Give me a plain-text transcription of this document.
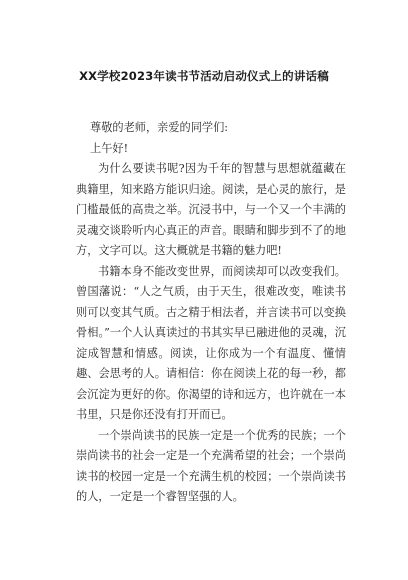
XX学校2023年读书节活动启动仪式上的讲话稿

尊敬的老师，亲爱的同学们:

上午好!

为什么要读书呢?因为千年的智慧与思想就蕴藏在典籍里，知来路方能识归途。阅读，是心灵的旅行，是门槛最低的高贵之举。沉浸书中，与一个又一个丰满的灵魂交谈聆听内心真正的声音。眼睛和脚步到不了的地方，文字可以。这大概就是书籍的魅力吧!

书籍本身不能改变世界，而阅读却可以改变我们。曾国藩说：“人之气质，由于天生，很难改变，唯读书则可以变其气质。古之精于相法者，并言读书可以变换骨相。”一个人认真读过的书其实早已融进他的灵魂，沉淀成智慧和情感。阅读，让你成为一个有温度、懂情趣、会思考的人。请相信：你在阅读上花的每一秒，都会沉淀为更好的你。你渴望的诗和远方，也许就在一本书里，只是你还没有打开而已。

一个崇尚读书的民族一定是一个优秀的民族；一个崇尚读书的社会一定是一个充满希望的社会；一个崇尚读书的校园一定是一个充满生机的校园；一个崇尚读书的人，一定是一个睿智坚强的人。
